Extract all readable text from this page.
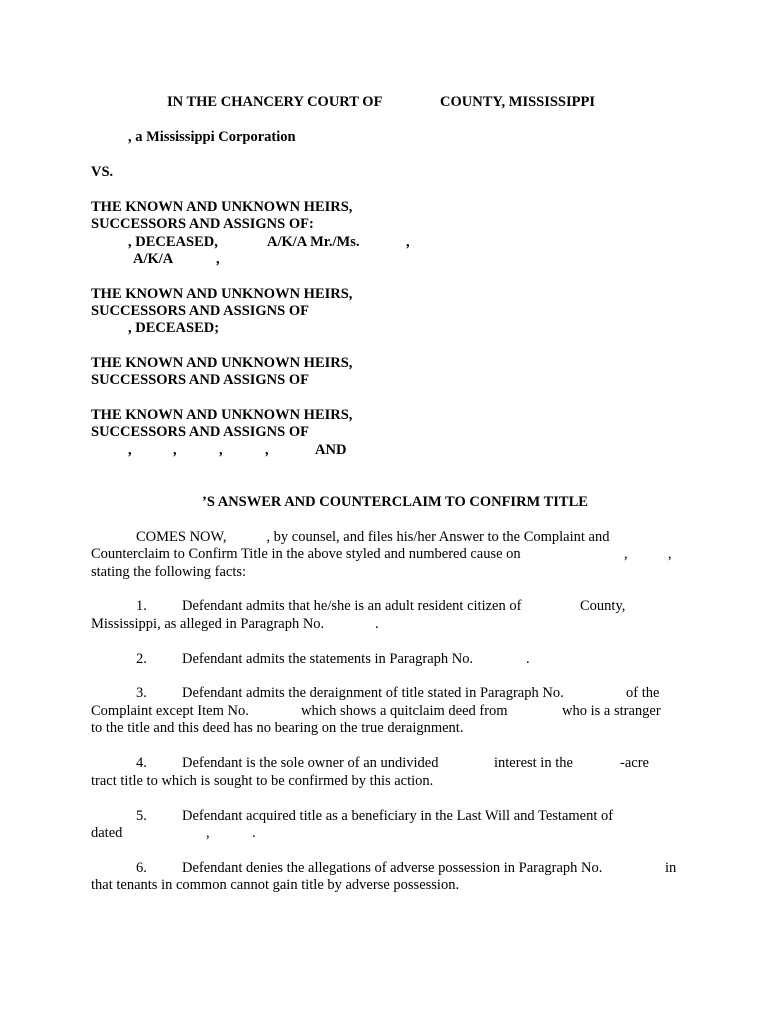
IN THE CHANCERY COURT OF	COUNTY, MISSISSIPPI
, a Mississippi Corporation
VS.
THE KNOWN AND UNKNOWN HEIRS,
SUCCESSORS AND ASSIGNS OF:
, DECEASED,	A/K/A Mr./Ms.	,
A/K/A	,
THE KNOWN AND UNKNOWN HEIRS,
SUCCESSORS AND ASSIGNS OF
, DECEASED;
THE KNOWN AND UNKNOWN HEIRS,
SUCCESSORS AND ASSIGNS OF
THE KNOWN AND UNKNOWN HEIRS,
SUCCESSORS AND ASSIGNS OF
,	,	,	,	AND
’S ANSWER AND COUNTERCLAIM TO CONFIRM TITLE
COMES NOW,           , by counsel, and files his/her Answer to the Complaint and
Counterclaim to Confirm Title in the above styled and numbered cause on	,	,
stating the following facts:
1. Defendant admits that he/she is an adult resident citizen of	County,
Mississippi, as alleged in Paragraph No.	.
2. Defendant admits the statements in Paragraph No.	.
3. Defendant admits the deraignment of title stated in Paragraph No.	of the
Complaint except Item No.	which shows a quitclaim deed from	who is a stranger
to the title and this deed has no bearing on the true deraignment.
4. Defendant is the sole owner of an undivided	interest in the	-acre
tract title to which is sought to be confirmed by this action.
5. Defendant acquired title as a beneficiary in the Last Will and Testament of
dated	,	.
6. Defendant denies the allegations of adverse possession in Paragraph No.	in
that tenants in common cannot gain title by adverse possession.
